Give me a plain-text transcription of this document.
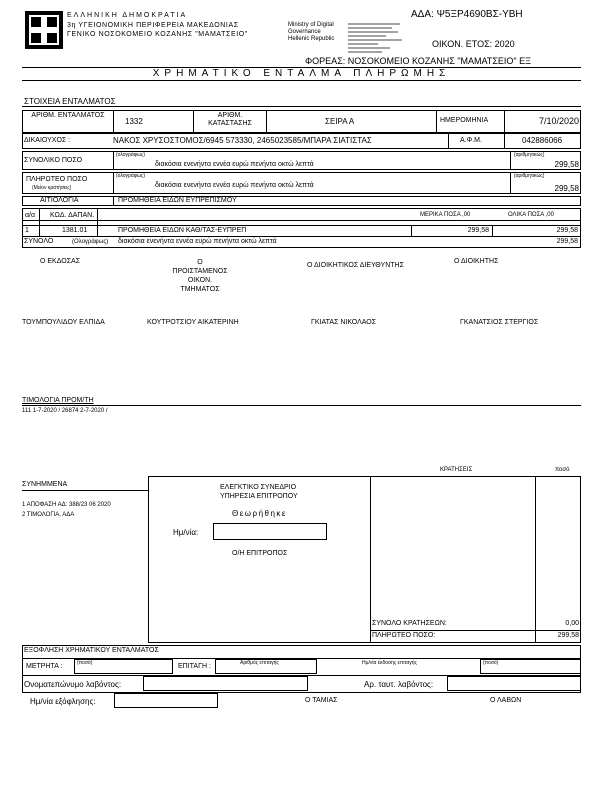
ΕΛΛΗΝΙΚΗ ΔΗΜΟΚΡΑΤΙΑ
3η ΥΓΕΙΟΝΟΜΙΚΗ ΠΕΡΙΦΕΡΕΙΑ ΜΑΚΕΔΟΝΙΑΣ
ΓΕΝΙΚΟ ΝΟΣΟΚΟΜΕΙΟ ΚΟΖΑΝΗΣ "ΜΑΜΑΤΣΕΙΟ"
Ministry of Digital
Governance
Hellenic Republic
ΑΔΑ: Ψ5ΞΡ4690ΒΣ-ΥΒΗ
ΟΙΚΟΝ. ΕΤΟΣ: 2020
ΦΟΡΕΑΣ: ΝΟΣΟΚΟΜΕΙΟ ΚΟΖΑΝΗΣ "ΜΑΜΑΤΣΕΙΟ" ΕΞ
ΧΡΗΜΑΤΙΚΟ ΕΝΤΑΛΜΑ ΠΛΗΡΩΜΗΣ
ΣΤΟΙΧΕΙΑ ΕΝΤΑΛΜΑΤΟΣ
ΑΡΙΘΜ. ΕΝΤΑΛΜΑΤΟΣ
1332
ΑΡΙΘΜ. ΚΑΤΑΣΤΑΣΗΣ	ΣΕΙΡΑ Α	ΗΜΕΡΟΜΗΝΙΑ	7/10/2020
ΔΙΚΑΙΟΥΧΟΣ :	ΝΑΚΟΣ ΧΡΥΣΟΣΤΟΜΟΣ/6945 573330, 2465023585/ΜΠΑΡΑ ΣΙΑΤΙΣΤΑΣ	Α.Φ.Μ.	042886066
ΣΥΝΟΛΙΚΟ ΠΟΣΟ
(ολογράφως)
διακόσια ενενήντα εννέα ευρώ πενήντα οκτώ λεπτά
(αριθμητικώς)
299,58
ΠΛΗΡΩΤΕΟ ΠΟΣΟ
(Μείον κρατήσεις)
(ολογράφως)
διακόσια ενενήντα εννέα ευρώ πενήντα οκτώ λεπτά
(αριθμητικώς)
299,58
ΑΙΤΙΟΛΟΓΙΑ	ΠΡΟΜΗΘΕΙΑ ΕΙΔΩΝ ΕΥΠΡΕΠΙΣΜΟΥ
α/α ΚΩΔ. ΔΑΠΑΝ.	ΜΕΡΙΚΑ ΠΟΣΑ ,00	ΟΛΙΚΑ ΠΟΣΑ ,00
1	1381.01	ΠΡΟΜΗΘΕΙΑ ΕΙΔΩΝ ΚΑΘ/ΤΑΣ-ΕΥΠΡΕΠ	299,58	299,58
ΣΥΝΟΛΟ	(Ολογράφως) διακόσια ενενήντα εννέα ευρώ πενήντα οκτώ λεπτά	299,58
Ο ΕΚΔΟΣΑΣ	Ο
ΠΡΟΙΣΤΑΜΕΝΟΣ
ΟΙΚΟΝ.
ΤΜΗΜΑΤΟΣ
Ο ΔΙΟΙΚΗΤΙΚΟΣ ΔΙΕΥΘΥΝΤΗΣ
Ο ΔΙΟΙΚΗΤΗΣ
ΤΟΥΜΠΟΥΛΙΔΟΥ ΕΛΠΙΔΑ	ΚΟΥΤΡΟΤΣΙΟΥ ΑΙΚΑΤΕΡΙΝΗ	ΓΚΙΑΤΑΣ ΝΙΚΟΛΑΟΣ	ΓΚΑΝΑΤΣΙΟΣ ΣΤΕΡΓΙΟΣ
ΤΙΜΟΛΟΓΙΑ ΠΡΟΜ/ΤΗ
111 1-7-2020 / 26874 2-7-2020 /
ΚΡΑΤΗΣΕΙΣ	ποσό
ΣΥΝΗΜΜΕΝΑ
1 ΑΠΟΦΑΣΗ ΑΔ: 388/23 06 2020
2 ΤΙΜΟΛΟΓΙΑ, ΑΔΑ
ΕΛΕΓΚΤΙΚΟ ΣΥΝΕΔΡΙΟ
ΥΠΗΡΕΣΙΑ ΕΠΙΤΡΟΠΟΥ
Θεωρήθηκε
Ημ/νία:
Ο/Η ΕΠΙΤΡΟΠΟΣ
ΣΥΝΟΛΟ ΚΡΑΤΗΣΕΩΝ:	0,00
ΠΛΗΡΩΤΕΟ ΠΟΣΟ:	299,58
ΕΞΟΦΛΗΣΗ ΧΡΗΜΑΤΙΚΟΥ ΕΝΤΑΛΜΑΤΟΣ
ΜΕΤΡΗΤΑ :	(ποσό)	ΕΠΙΤΑΓΗ :	Αριθμός επιταγής	Ημ/νία έκδοσης επιταγής	(ποσό)
Ονοματεπώνυμο λαβόντος:	Αρ. ταυτ. λαβόντος:
Ημ/νία εξόφλησης:	Ο ΤΑΜΙΑΣ	Ο ΛΑΒΩΝ
